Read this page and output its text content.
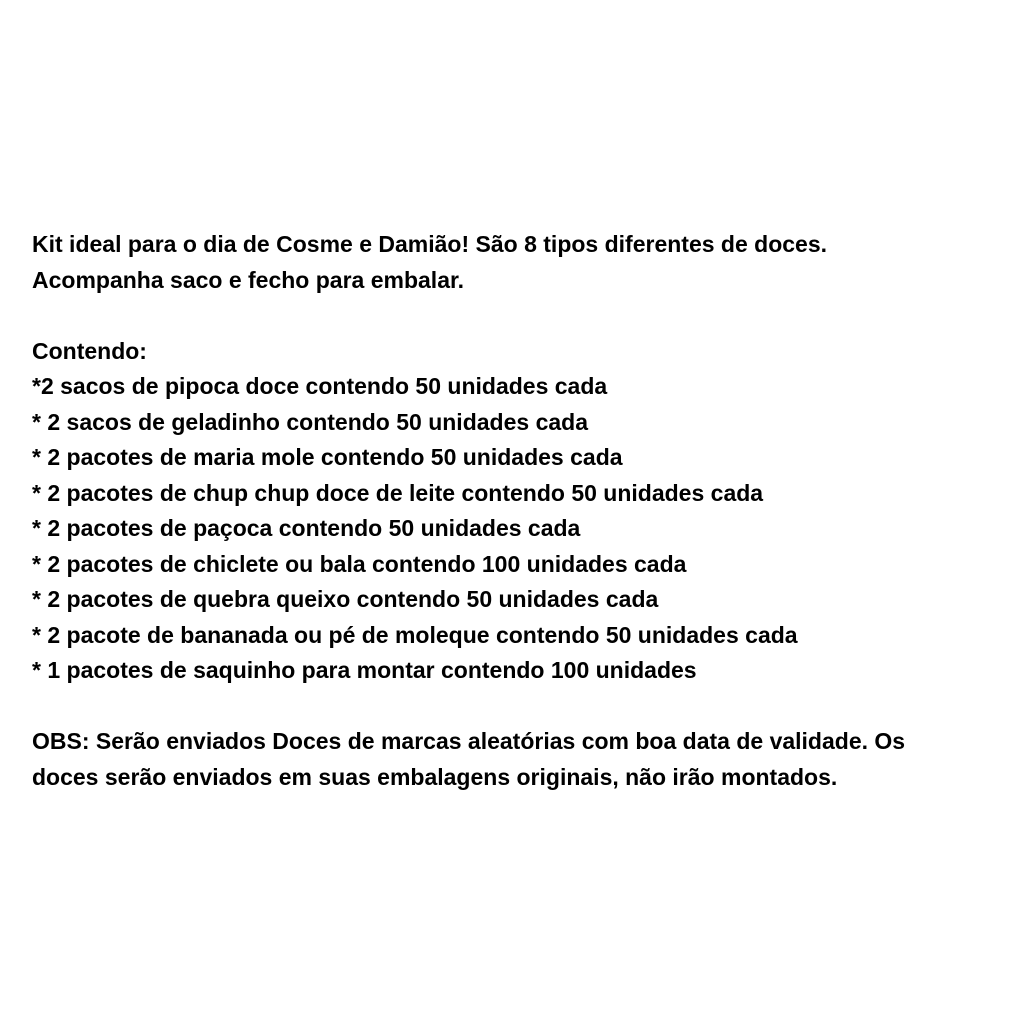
Kit ideal para o dia de Cosme e Damião! São 8 tipos diferentes de doces.
Acompanha saco e fecho para embalar.
Contendo:
*2 sacos de pipoca doce contendo 50 unidades cada
* 2 sacos de geladinho contendo 50 unidades cada
* 2 pacotes de maria mole contendo 50 unidades cada
* 2 pacotes de chup chup doce de leite contendo 50 unidades cada
* 2 pacotes de paçoca contendo 50 unidades cada
* 2 pacotes de chiclete ou bala contendo 100 unidades cada
* 2 pacotes de quebra queixo contendo 50 unidades cada
* 2 pacote de bananada ou pé de moleque contendo 50 unidades cada
* 1 pacotes de saquinho para montar contendo 100 unidades
OBS: Serão enviados Doces de marcas aleatórias com boa data de validade. Os
doces serão enviados em suas embalagens originais, não irão montados.
